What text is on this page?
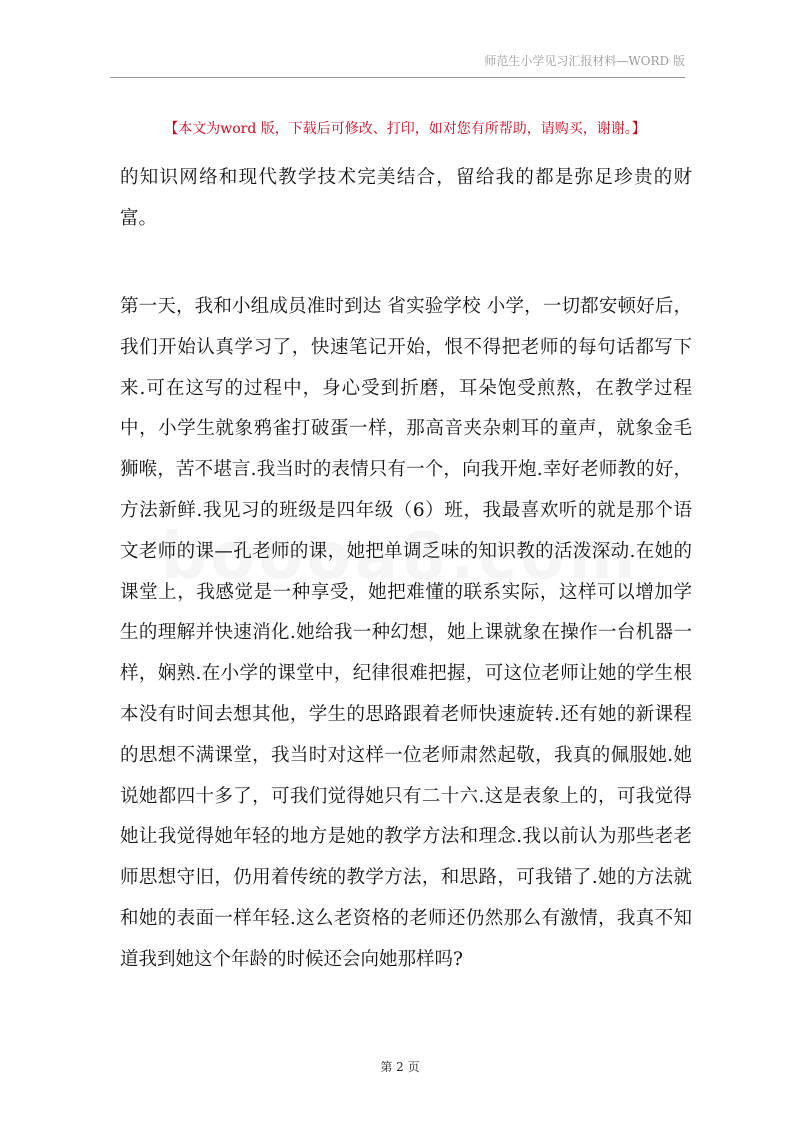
师范生小学见习汇报材料—WORD 版
【本文为word 版，下载后可修改、打印，如对您有所帮助，请购买，谢谢。】

的知识网络和现代教学技术完美结合，留给我的都是弥足珍贵的财富。

第一天，我和小组成员准时到达 省实验学校 小学，一切都安顿好后，我们开始认真学习了，快速笔记开始，恨不得把老师的每句话都写下来.可在这写的过程中，身心受到折磨，耳朵饱受煎熬，在教学过程中，小学生就象鸦雀打破蛋一样，那高音夹杂刺耳的童声，就象金毛狮喉，苦不堪言.我当时的表情只有一个，向我开炮.幸好老师教的好，方法新鲜.我见习的班级是四年级（6）班，我最喜欢听的就是那个语文老师的课—孔老师的课，她把单调乏味的知识教的活泼深动.在她的课堂上，我感觉是一种享受，她把难懂的联系实际，这样可以增加学生的理解并快速消化.她给我一种幻想，她上课就象在操作一台机器一样，娴熟.在小学的课堂中，纪律很难把握，可这位老师让她的学生根本没有时间去想其他，学生的思路跟着老师快速旋转.还有她的新课程的思想不满课堂，我当时对这样一位老师肃然起敬，我真的佩服她.她说她都四十多了，可我们觉得她只有二十六.这是表象上的，可我觉得她让我觉得她年轻的地方是她的教学方法和理念.我以前认为那些老老师思想守旧，仍用着传统的教学方法，和思路，可我错了.她的方法就和她的表面一样年轻.这么老资格的老师还仍然那么有激情，我真不知道我到她这个年龄的时候还会向她那样吗?

第 2 页
